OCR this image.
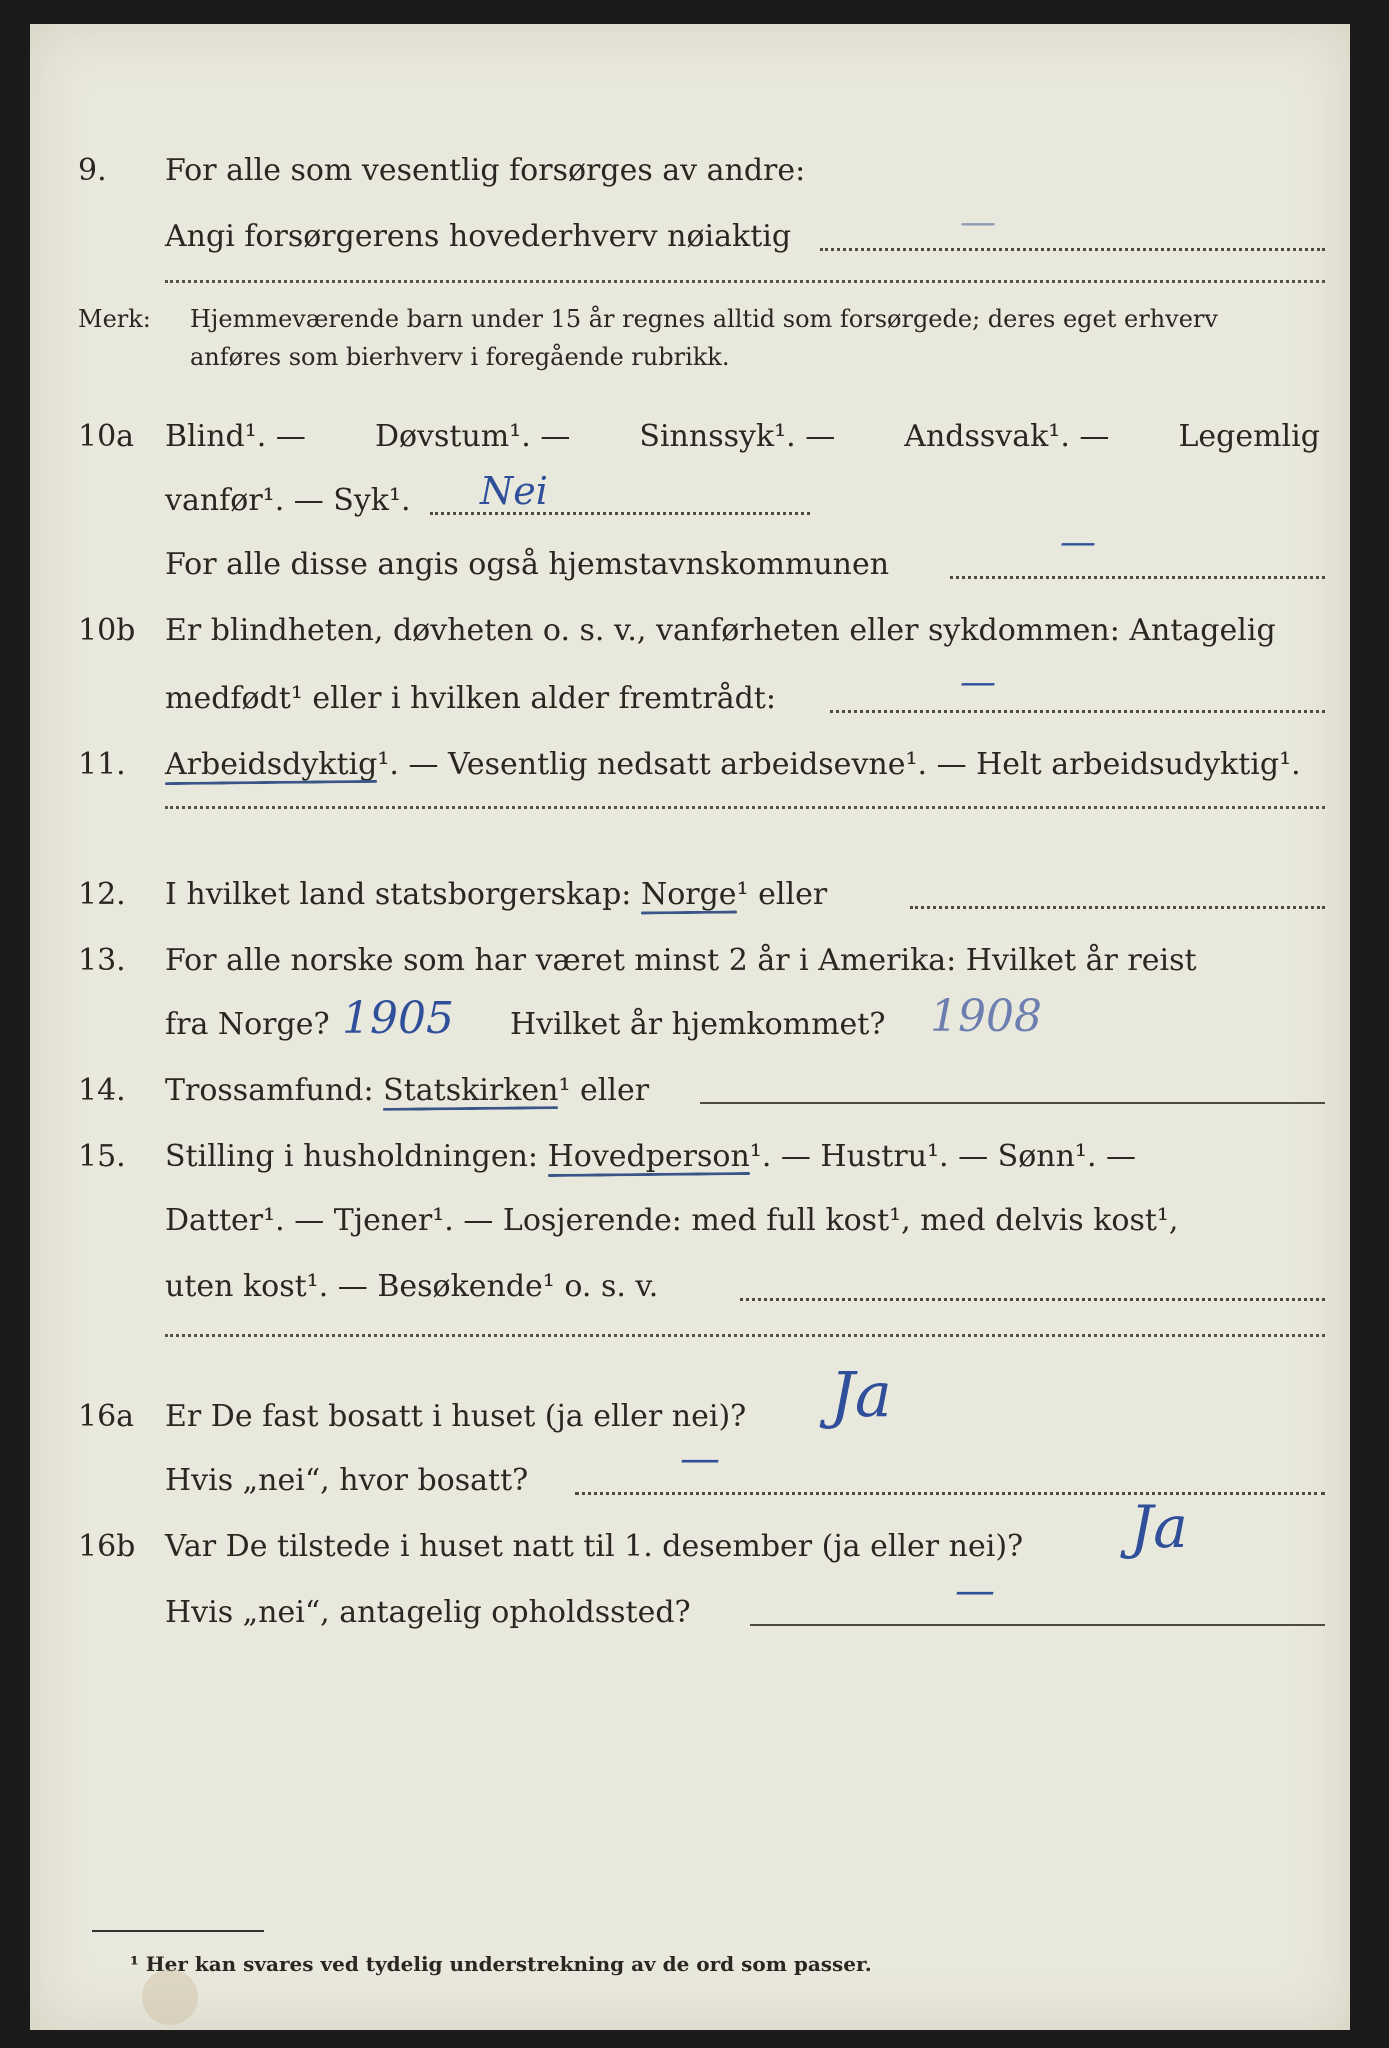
9. For alle som vesentlig forsørges av andre:
Angi forsørgerens hovederhverv nøiaktig	—
Merk: Hjemmeværende barn under 15 år regnes alltid som forsørgede; deres eget erhverv
anføres som bierhverv i foregående rubrikk.
10a Blind¹. — Døvstum¹. — Sinnssyk¹. — Andssvak¹. — Legemlig
vanfør¹. — Syk¹. Nei
For alle disse angis også hjemstavnskommunen
—
10b Er blindheten, døvheten o. s. v., vanførheten eller sykdommen: Antagelig
medfødt¹ eller i hvilken alder fremtrådt:	—
11. Arbeidsdyktig¹. — Vesentlig nedsatt arbeidsevne¹. — Helt arbeidsudyktig¹.
12. I hvilket land statsborgerskap: Norge¹ eller
13. For alle norske som har været minst 2 år i Amerika: Hvilket år reist
fra Norge? 1905 Hvilket år hjemkommet? 1908
14. Trossamfund: Statskirken¹ eller
15. Stilling i husholdningen: Hovedperson¹. — Hustru¹. — Sønn¹. —
Datter¹. — Tjener¹. — Losjerende: med full kost¹, med delvis kost¹,
uten kost¹. — Besøkende¹ o. s. v.
16a Er De fast bosatt i huset (ja eller nei)? Ja
Hvis „nei“, hvor bosatt?	—
16b Var De tilstede i huset natt til 1. desember (ja eller nei)? Ja
Hvis „nei“, antagelig opholdssted?	—
¹ Her kan svares ved tydelig understrekning av de ord som passer.
